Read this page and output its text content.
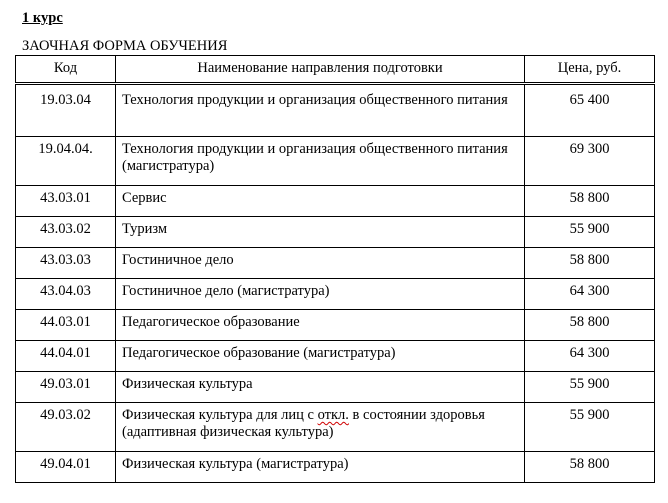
1 курс

ЗАОЧНАЯ ФОРМА ОБУЧЕНИЯ

Код	Наименование направления подготовки	Цена, руб.
19.03.04	Технология продукции и организация общественного питания	65 400
19.04.04.	Технология продукции и организация общественного питания (магистратура)	69 300
43.03.01	Сервис	58 800
43.03.02	Туризм	55 900
43.03.03	Гостиничное дело	58 800
43.04.03	Гостиничное дело (магистратура)	64 300
44.03.01	Педагогическое образование	58 800
44.04.01	Педагогическое образование (магистратура)	64 300
49.03.01	Физическая культура	55 900
49.03.02	Физическая культура для лиц с откл. в состоянии здоровья (адаптивная физическая культура)	55 900
49.04.01	Физическая культура (магистратура)	58 800
